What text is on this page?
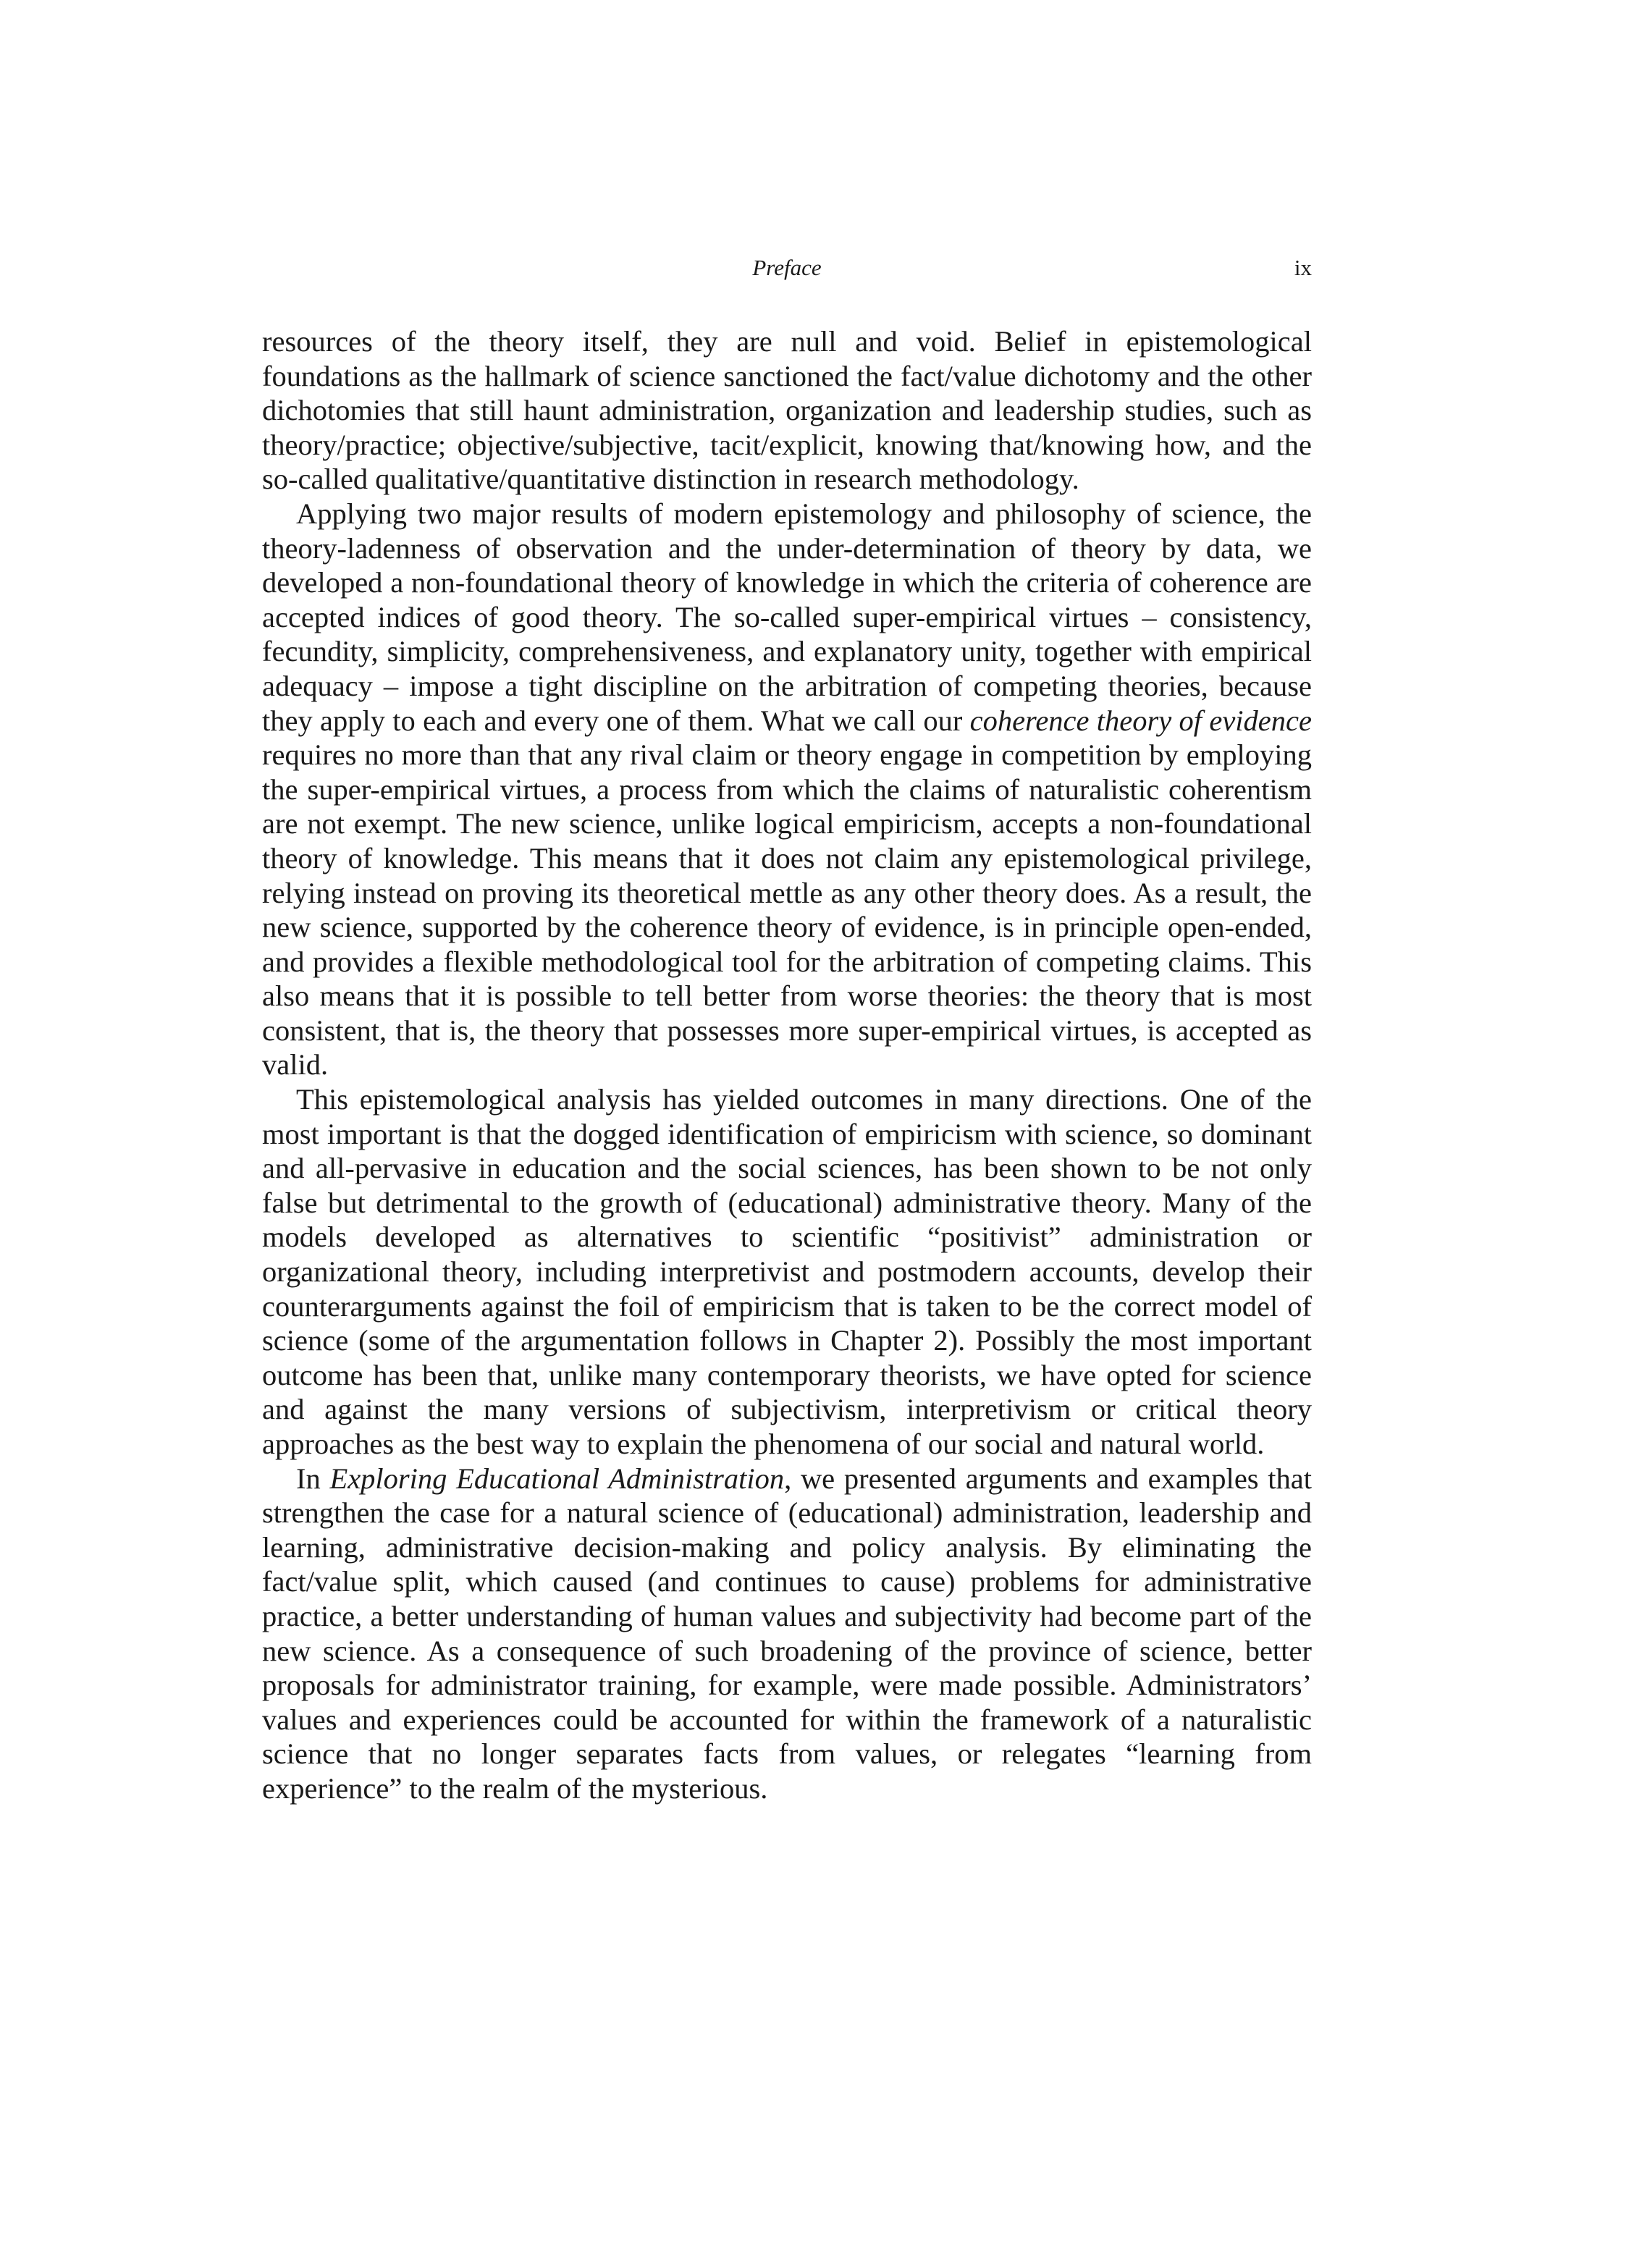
Preface	ix

resources of the theory itself, they are null and void. Belief in epistemological foundations as the hallmark of science sanctioned the fact/value dichotomy and the other dichotomies that still haunt administration, organization and leadership studies, such as theory/practice; objective/subjective, tacit/explicit, knowing that/knowing how, and the so-called qualitative/quantitative distinction in research methodology.

Applying two major results of modern epistemology and philosophy of science, the theory-ladenness of observation and the under-determination of theory by data, we developed a non-foundational theory of knowledge in which the criteria of coherence are accepted indices of good theory. The so-called super-empirical virtues – consistency, fecundity, simplicity, comprehensiveness, and explanatory unity, together with empirical adequacy – impose a tight discipline on the arbitration of competing theories, because they apply to each and every one of them. What we call our coherence theory of evidence requires no more than that any rival claim or theory engage in competition by employing the super-empirical virtues, a process from which the claims of naturalistic coherentism are not exempt. The new science, unlike logical empiricism, accepts a non-foundational theory of knowledge. This means that it does not claim any epistemological privilege, relying instead on proving its theoretical mettle as any other theory does. As a result, the new science, supported by the coherence theory of evidence, is in principle open-ended, and provides a flexible methodological tool for the arbitration of competing claims. This also means that it is possible to tell better from worse theories: the theory that is most consistent, that is, the theory that possesses more super-empirical virtues, is accepted as valid.

This epistemological analysis has yielded outcomes in many directions. One of the most important is that the dogged identification of empiricism with science, so dominant and all-pervasive in education and the social sciences, has been shown to be not only false but detrimental to the growth of (educational) administrative theory. Many of the models developed as alternatives to scientific “positivist” administration or organizational theory, including interpretivist and postmodern accounts, develop their counterarguments against the foil of empiricism that is taken to be the correct model of science (some of the argumentation follows in Chapter 2). Possibly the most important outcome has been that, unlike many contemporary theorists, we have opted for science and against the many versions of subjectivism, interpretivism or critical theory approaches as the best way to explain the phenomena of our social and natural world.

In Exploring Educational Administration, we presented arguments and examples that strengthen the case for a natural science of (educational) administration, leadership and learning, administrative decision-making and policy analysis. By eliminating the fact/value split, which caused (and continues to cause) problems for administrative practice, a better understanding of human values and subjectivity had become part of the new science. As a consequence of such broadening of the province of science, better proposals for administrator training, for example, were made possible. Administrators’ values and experiences could be accounted for within the framework of a naturalistic science that no longer separates facts from values, or relegates “learning from experience” to the realm of the mysterious.
